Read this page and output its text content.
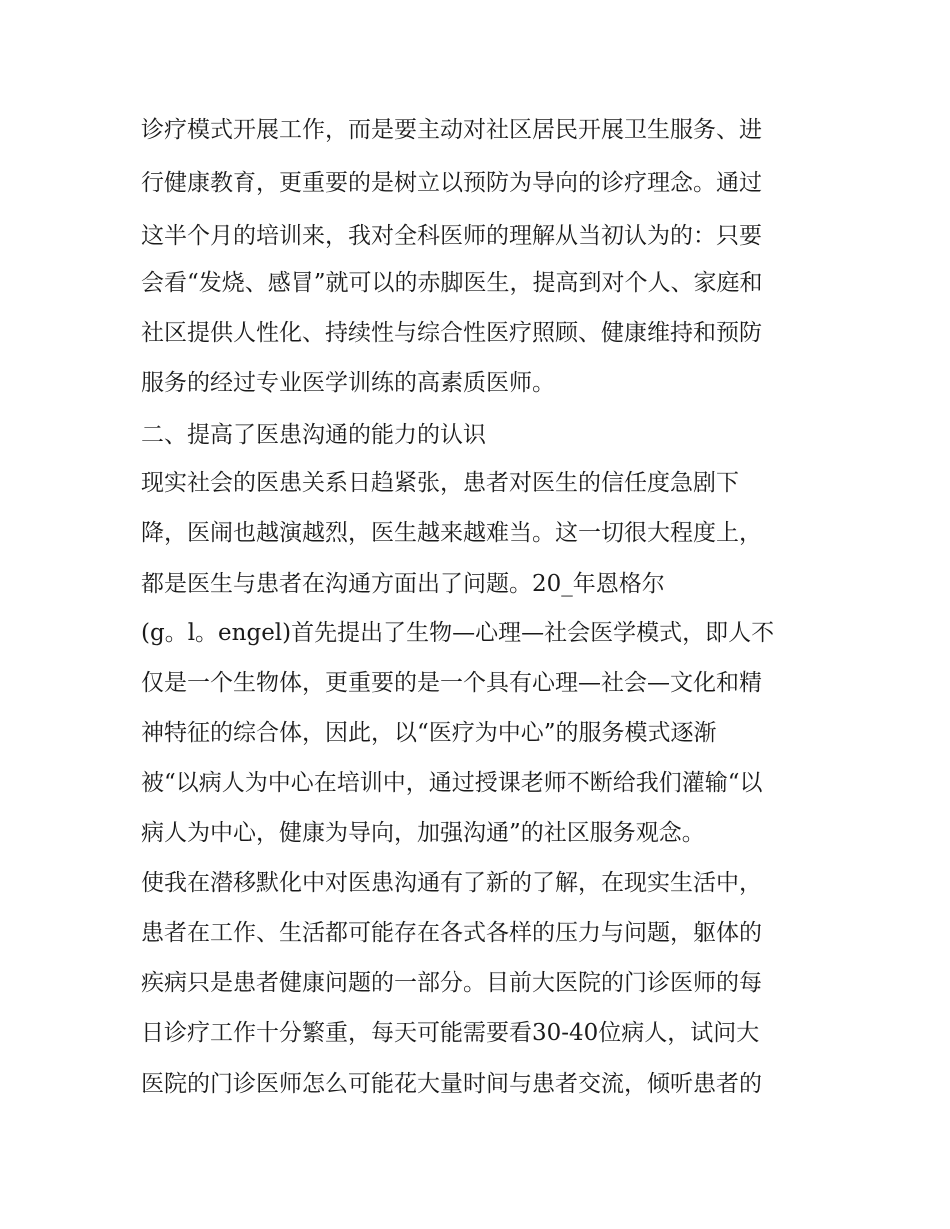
诊疗模式开展工作，而是要主动对社区居民开展卫生服务、进

行健康教育，更重要的是树立以预防为导向的诊疗理念。通过

这半个月的培训来，我对全科医师的理解从当初认为的：只要

会看“发烧、感冒”就可以的赤脚医生，提高到对个人、家庭和

社区提供人性化、持续性与综合性医疗照顾、健康维持和预防

服务的经过专业医学训练的高素质医师。

二、提高了医患沟通的能力的认识

现实社会的医患关系日趋紧张，患者对医生的信任度急剧下

降，医闹也越演越烈，医生越来越难当。这一切很大程度上，

都是医生与患者在沟通方面出了问题。20_年恩格尔

(g。l。engel)首先提出了生物—心理—社会医学模式，即人不

仅是一个生物体，更重要的是一个具有心理—社会—文化和精

神特征的综合体，因此，以“医疗为中心”的服务模式逐渐

被“以病人为中心在培训中，通过授课老师不断给我们灌输“以

病人为中心，健康为导向，加强沟通”的社区服务观念。

使我在潜移默化中对医患沟通有了新的了解，在现实生活中，

患者在工作、生活都可能存在各式各样的压力与问题，躯体的

疾病只是患者健康问题的一部分。目前大医院的门诊医师的每

日诊疗工作十分繁重，每天可能需要看30-40位病人，试问大

医院的门诊医师怎么可能花大量时间与患者交流，倾听患者的
